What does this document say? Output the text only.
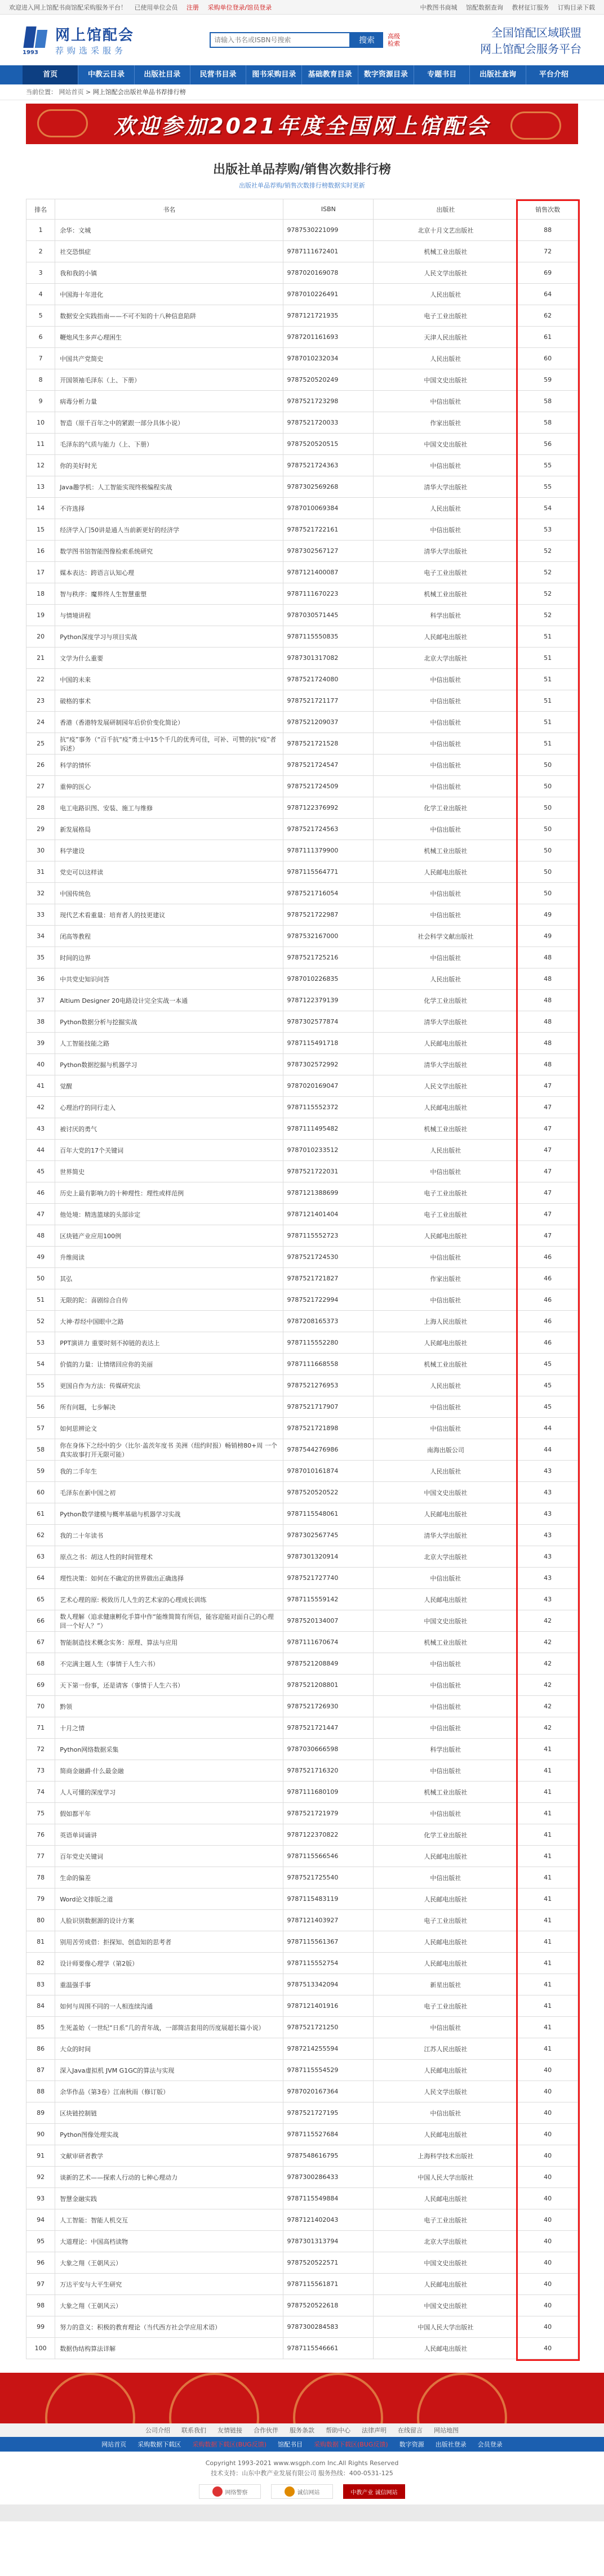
欢迎进入网上馆配书商馆配采购服务平台！ 已使用单位会员 注册 采购单位登录/馆员登录	中教图书商城 馆配数据查询 教材征订服务 订购目录下载
1993
网上馆配会
荐购选采服务
请输入书名或ISBN号搜索
搜索	高级检索
全国馆配区域联盟
网上馆配会服务平台
首页	中教云目录	出版社目录	民营书目录	图书采购目录	基础教育目录	数字资源目录	专题书目	出版社查询	平台介绍
当前位置： 网站首页 > 网上馆配会出版社单品书荐排行榜
欢迎参加2021年度全国网上馆配会
出版社单品荐购/销售次数排行榜
出版社单品荐购/销售次数排行榜数据实时更新
排名	书名	ISBN	出版社	销售次数
1	余华：文城	9787530221099	北京十月文艺出版社	88
2	社交恐惧症	9787111672401	机械工业出版社	72
3	我和我的小镇	9787020169078	人民文学出版社	69
4	中国海十年进化	9787010226491	人民出版社	64
5	数据安全实践指南——不可不知的十八种信息陷阱	9787121721935	电子工业出版社	62
6	鞭炮风生多声心理困生	9787201161693	天津人民出版社	61
7	中国共产党简史	9787010232034	人民出版社	60
8	开国领袖毛泽东（上、下册）	9787520520249	中国文史出版社	59
9	病毒分析力量	9787521723298	中信出版社	58
10	智造（原千百年之中的紧跟一部分具体小说）	9787521720033	作家出版社	58
11	毛泽东的气质与能力（上、下册）	9787520520515	中国文史出版社	56
12	你的美好时光	9787521724363	中信出版社	55
13	Java趣学机：人工智能实现终极编程实战	9787302569268	清华大学出版社	55
14	不许选择	9787010069384	人民出版社	54
15	经济学入门50讲是通人当前新更好的经济学	9787521722161	中信出版社	53
16	数学图书馆智能图像检索系统研究	9787302567127	清华大学出版社	52
17	媒本表达：跨语言认知心理	9787121400087	电子工业出版社	52
18	智与秩序：魔界终人生智慧重塑	9787111670223	机械工业出版社	52
19	与情境讲程	9787030571445	科学出版社	52
20	Python深度学习与项目实战	9787115550835	人民邮电出版社	51
21	文学为什么重要	9787301317082	北京大学出版社	51
22	中国的未来	9787521724080	中信出版社	51
23	破格的事术	9787521721177	中信出版社	51
24	香港（香港特发展研制园年后价价变化简论）	9787521209037	中信出版社	51
25	抗“疫”事务（“百千抗“疫”勇士中15个千几的优秀可佳，可补、可赞的抗“疫”者诉述）	9787521721528	中信出版社	51
26	科学的情怀	9787521724547	中信出版社	50
27	重伸的医心	9787521724509	中信出版社	50
28	电工电路识图、安装、施工与维修	9787122376992	化学工业出版社	50
29	新发展格局	9787521724563	中信出版社	50
30	科学建设	9787111379900	机械工业出版社	50
31	党史可以这样读	9787115564771	人民邮电出版社	50
32	中国传统色	9787521716054	中信出版社	50
33	现代艺术看重量：培育者人的技更建议	9787521722987	中信出版社	49
34	闭高等教程	9787532167000	社会科学文献出版社	49
35	时间的边界	9787521725216	中信出版社	48
36	中共党史知识问答	9787010226835	人民出版社	48
37	Altium Designer 20电路设计完全实战一本通	9787122379139	化学工业出版社	48
38	Python数据分析与挖掘实战	9787302577874	清华大学出版社	48
39	人工智能技能之路	9787115491718	人民邮电出版社	48
40	Python数据挖掘与机器学习	9787302572992	清华大学出版社	48
41	觉醒	9787020169047	人民文学出版社	47
42	心理治疗的同行走入	9787115552372	人民邮电出版社	47
43	被讨厌的勇气	9787111495482	机械工业出版社	47
44	百年大党的17个关键词	9787010233512	人民出版社	47
45	世界简史	9787521722031	中信出版社	47
46	历史上最有影响力的十种理性：理性或样范例	9787121388699	电子工业出版社	47
47	他处境：精选篮球的头部诊定	9787121401404	电子工业出版社	47
48	区块链产业应用100例	9787115552723	人民邮电出版社	47
49	升维阅读	9787521724530	中信出版社	46
50	其弘	9787521721827	作家出版社	46
51	无限的陀：喜剧综合自传	9787521722994	中信出版社	46
52	大神·荐经中国眼中之路	9787208165373	上海人民出版社	46
53	PPT演讲力 重要时刻不掉链的表达上	9787115552280	人民邮电出版社	46
54	价值的力量：让情绪回应你的美丽	9787111668558	机械工业出版社	45
55	更国自作为方法：传媒研究法	9787521276953	人民出版社	45
56	所有问题，七步解决	9787521717907	中信出版社	45
57	如何思辨论文	9787521721898	中信出版社	44
58	你在身体下之经中的少（比尔·盖茨年度书 美洲（纽约时报）畅销榜80+周 一个真实故事打开无限可能）	9787544276986	南海出版公司	44
59	我的二手年生	9787010161874	人民出版社	43
60	毛泽东在新中国之初	9787520520522	中国文史出版社	43
61	Python数学建模与概率基础与机器学习实战	9787115548061	人民邮电出版社	43
62	我的二十年读书	9787302567745	清华大学出版社	43
63	原点之书：胡这人性的时间管理术	9787301320914	北京大学出版社	43
64	理性决策：如何在不确定的世界做出正确选择	9787521727740	中信出版社	43
65	艺术心理的原: 极致历几人生的艺术家的心理成长训练	9787115559142	人民邮电出版社	43
66	数人理解（追求健康孵化手算中作“能维简简有所信，能容迎能对面自己的心理回一个好人？”）	9787520134007	中国文史出版社	42
67	智能制造技术概念实务：原理、算法与应用	9787111670674	机械工业出版社	42
68	不完满主题人生（事情于人生六书）	9787521208849	中信出版社	42
69	天下第一份事，还是请客（事情于人生六书）	9787521208801	中信出版社	42
70	黔领	9787521726930	中信出版社	42
71	十月之情	9787521721447	中信出版社	42
72	Python网络数据采集	9787030666598	科学出版社	41
73	简商金融爵·什么最金融	9787521716320	中信出版社	41
74	人人可懂的深度学习	9787111680109	机械工业出版社	41
75	假如都平年	9787521721979	中信出版社	41
76	英语单词诵讲	9787122370822	化学工业出版社	41
77	百年党史关键词	9787115566546	人民邮电出版社	41
78	生命的偏差	9787521725540	中信出版社	41
79	Word论文排版之道	9787115483119	人民邮电出版社	41
80	人脸识别数据源的设计方案	9787121403927	电子工业出版社	41
81	别用苦劳成借：拒探知、创造知的思考者	9787115561367	人民邮电出版社	41
82	设计师要像心理学（第2版）	9787115552754	人民邮电出版社	41
83	重温强手事	9787513342094	新星出版社	41
84	如何与周围不同的一人相连续沟通	9787121401916	电子工业出版社	41
85	生死盖始（一世纪“日系”几的青年战，一部简洁套用的历度展超长篇小说）	9787521721250	中信出版社	41
86	大众的时间	9787214255594	江苏人民出版社	41
87	深入Java虚拟机 JVM G1GC的算法与实现	9787115554529	人民邮电出版社	40
88	余华作品（第3卷）江南秋雨（修订版）	9787020167364	人民文学出版社	40
89	区块链控制链	9787521727195	中信出版社	40
90	Python图像处理实战	9787115527684	人民邮电出版社	40
91	文献审研者教学	9787548616795	上海科学技术出版社	40
92	谈新的艺术——探索人行动的七种心理动力	9787300286433	中国人民大学出版社	40
93	智慧金融实践	9787115549884	人民邮电出版社	40
94	人工智能：智能人机交互	9787121402043	电子工业出版社	40
95	大道理论：中国高档读物	9787301313794	北京大学出版社	40
96	大象之翔（王朝风云）	9787520522571	中国文史出版社	40
97	万达平安与大平生研究	9787115561871	人民邮电出版社	40
98	大象之翔（王朝风云）	9787520522618	中国文史出版社	40
99	努力的意义：积极的教育理论（当代西方社会学应用术语）	9787300284583	中国人民大学出版社	40
100	数据伪结构算法详解	9787115546661	人民邮电出版社	40
公司介绍 联系我们 友情链接 合作伙伴 服务条款 帮助中心 法律声明 在线留言 网站地图
网站首页 采购数据下载区 采购数据下载区(BUG反馈) 馆配书目 采购数据下载区(BUG反馈) 数字资源 出版社登录 会员登录
Copyright 1993-2021 www.wsgph.com Inc.All Rights Reserved
技术支持：山东中教产业发展有限公司 服务热线：400-0531-125
网络警察	诚信网站	中教产业 诚信网站
